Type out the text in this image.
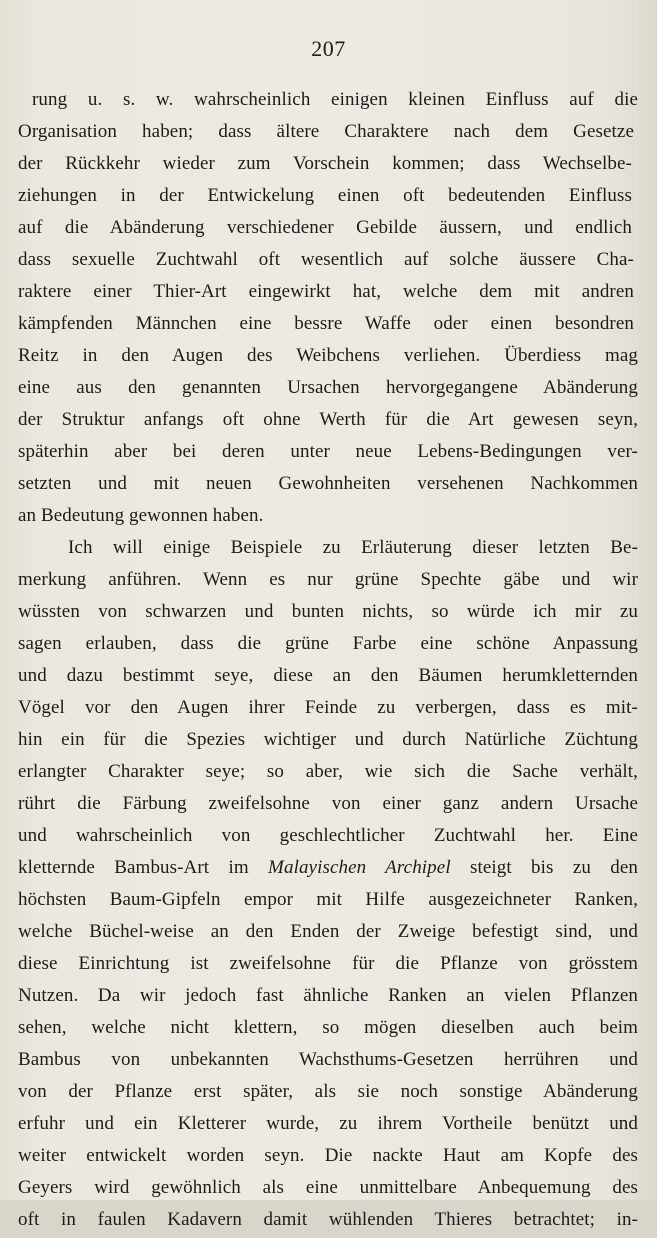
207
rung u. s. w. wahrscheinlich einigen kleinen Einfluss auf die
Organisation haben; dass ältere Charaktere nach dem Gesetze
der Rückkehr wieder zum Vorschein kommen; dass Wechselbe-
ziehungen in der Entwickelung einen oft bedeutenden Einfluss
auf die Abänderung verschiedener Gebilde äussern, und endlich
dass sexuelle Zuchtwahl oft wesentlich auf solche äussere Cha-
raktere einer Thier-Art eingewirkt hat, welche dem mit andren
kämpfenden Männchen eine bessre Waffe oder einen besondren
Reitz in den Augen des Weibchens verliehen. Überdiess mag
eine aus den genannten Ursachen hervorgegangene Abänderung
der Struktur anfangs oft ohne Werth für die Art gewesen seyn,
späterhin aber bei deren unter neue Lebens-Bedingungen ver-
setzten und mit neuen Gewohnheiten versehenen Nachkommen
an Bedeutung gewonnen haben.
Ich will einige Beispiele zu Erläuterung dieser letzten Be-
merkung anführen. Wenn es nur grüne Spechte gäbe und wir
wüssten von schwarzen und bunten nichts, so würde ich mir zu
sagen erlauben, dass die grüne Farbe eine schöne Anpassung
und dazu bestimmt seye, diese an den Bäumen herumkletternden
Vögel vor den Augen ihrer Feinde zu verbergen, dass es mit-
hin ein für die Spezies wichtiger und durch Natürliche Züchtung
erlangter Charakter seye; so aber, wie sich die Sache verhält,
rührt die Färbung zweifelsohne von einer ganz andern Ursache
und wahrscheinlich von geschlechtlicher Zuchtwahl her. Eine
kletternde Bambus-Art im Malayischen Archipel steigt bis zu den
höchsten Baum-Gipfeln empor mit Hilfe ausgezeichneter Ranken,
welche Büchel-weise an den Enden der Zweige befestigt sind, und
diese Einrichtung ist zweifelsohne für die Pflanze von grösstem
Nutzen. Da wir jedoch fast ähnliche Ranken an vielen Pflanzen
sehen, welche nicht klettern, so mögen dieselben auch beim
Bambus von unbekannten Wachsthums-Gesetzen herrühren und
von der Pflanze erst später, als sie noch sonstige Abänderung
erfuhr und ein Kletterer wurde, zu ihrem Vortheile benützt und
weiter entwickelt worden seyn. Die nackte Haut am Kopfe des
Geyers wird gewöhnlich als eine unmittelbare Anbequemung des
oft in faulen Kadavern damit wühlenden Thieres betrachtet; in-
